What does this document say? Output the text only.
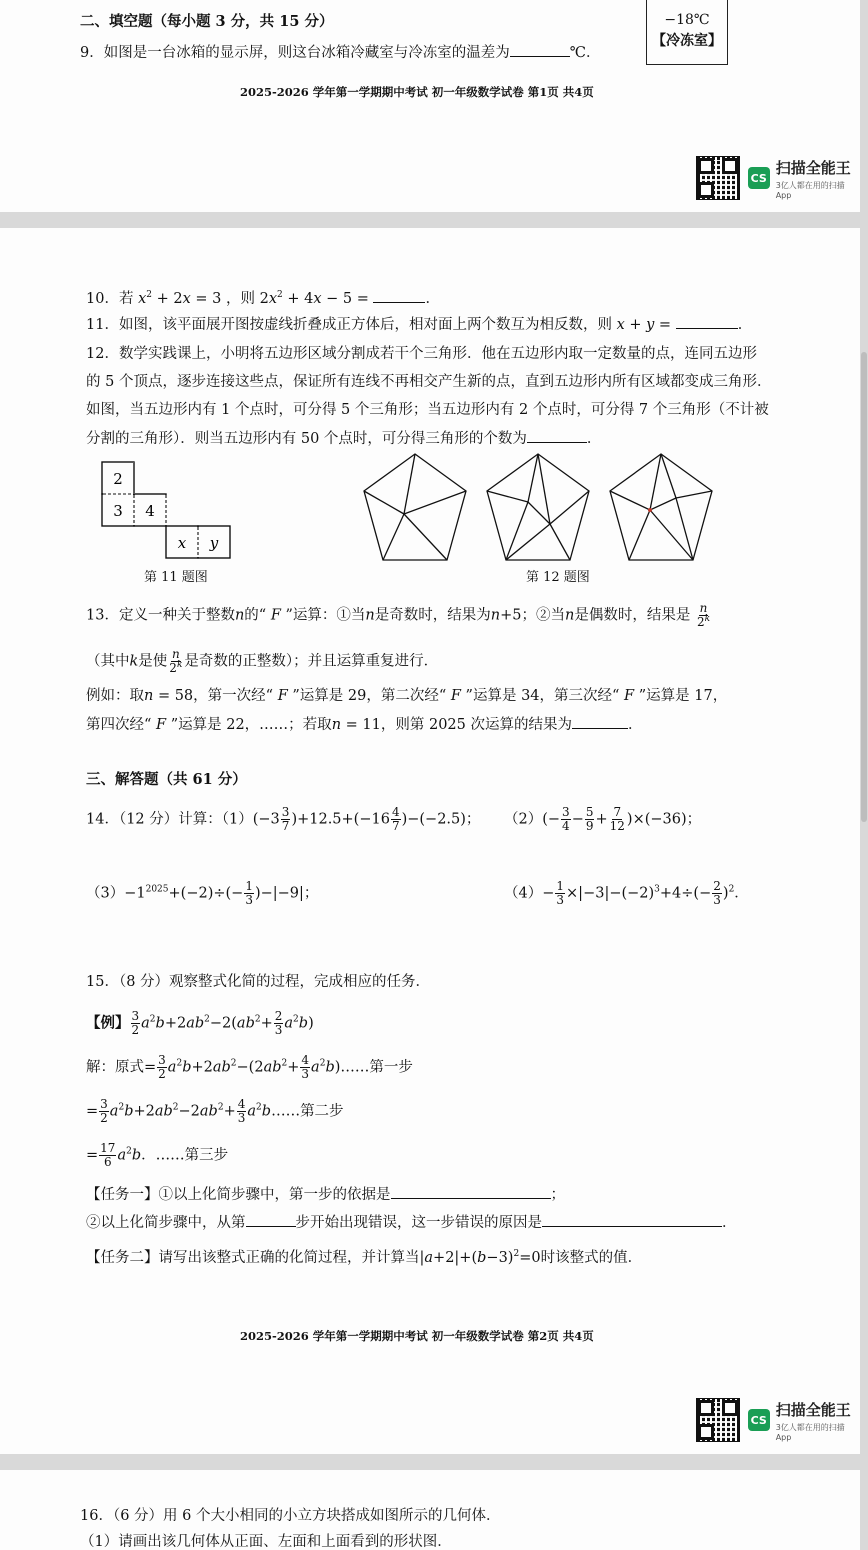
二、填空题（每小题 3 分，共 15 分）
9．如图是一台冰箱的显示屏，则这台冰箱冷藏室与冷冻室的温差为	℃．
−18℃
【冷冻室】
2025-2026 学年第一学期期中考试 初一年级数学试卷 第1页 共4页
CS
扫描全能王
3亿人都在用的扫描App
10．若 $x^2 + 2x = 3$ ，则 $2x^2 + 4x - 5$ =	．
11．如图，该平面展开图按虚线折叠成正方体后，相对面上两个数互为相反数，则 x + y =	．
12．数学实践课上，小明将五边形区域分割成若干个三角形．他在五边形内取一定数量的点，连同五边形
的 5 个顶点，逐步连接这些点，保证所有连线不再相交产生新的点，直到五边形内所有区域都变成三角形．
如图，当五边形内有 1 个点时，可分得 5 个三角形；当五边形内有 2 个点时，可分得 7 个三角形（不计被
分割的三角形）．则当五边形内有 50 个点时，可分得三角形的个数为	．
2
3 4
x y
第 11 题图	第 12 题图
13．定义一种关于整数n的“ F ”运算：①当n是奇数时，结果为n+5；②当n是偶数时，结果是 $\frac{n}{2^k}$
（其中k是使 $\frac{n}{2^k}$ 是奇数的正整数）；并且运算重复进行．
例如：取n = 58，第一次经“ F ”运算是 29，第二次经“ F ”运算是 34，第三次经“ F ”运算是 17，
第四次经“ F ”运算是 22，……；若取n = 11，则第 2025 次运算的结果为	．
三、解答题（共 61 分）
14．（12 分）计算：$(1)(-3 \frac{3}{7} )+12.5+(-16 \frac{4}{7} )-(-2.5)$； $(2)(- \frac{3}{4} - \frac{5}{9} + \frac{7}{12} )\times(-36)$；
$(3)-1^{2025}+(-2)\div(- \frac{1}{3} )-|-9|$；	$(4)- \frac{1}{3} \times|-3|-(-2)^3+4\div(- \frac{2}{3} )^2$．
15．（8 分）观察整式化简的过程，完成相应的任务．
【例】 $\frac{3}{2} a^2b+2ab^2-2(ab^2+ \frac{2}{3} a^2b)$
解：原式= $\frac{3}{2} a^2b+2ab^2-(2ab^2+ \frac{4}{3}$ $a^2b)\dots\dots$第一步
= $\frac{3}{2} a^2b+2ab^2-2ab^2+ \frac{4}{3}$ $a^2b\dots\dots$第二步
= $\frac{17}{6} a^2b$．……第三步
【任务一】①以上化简步骤中，第一步的依据是	；
②以上化简步骤中，从第	步开始出现错误，这一步错误的原因是	．
【任务二】请写出该整式正确的化简过程，并计算当$|a+2|+(b-3)^2=0$时该整式的值．
2025-2026 学年第一学期期中考试 初一年级数学试卷 第2页 共4页
CS
扫描全能王
3亿人都在用的扫描App
16．（6 分）用 6 个大小相同的小立方块搭成如图所示的几何体．
（1）请画出该几何体从正面、左面和上面看到的形状图．
